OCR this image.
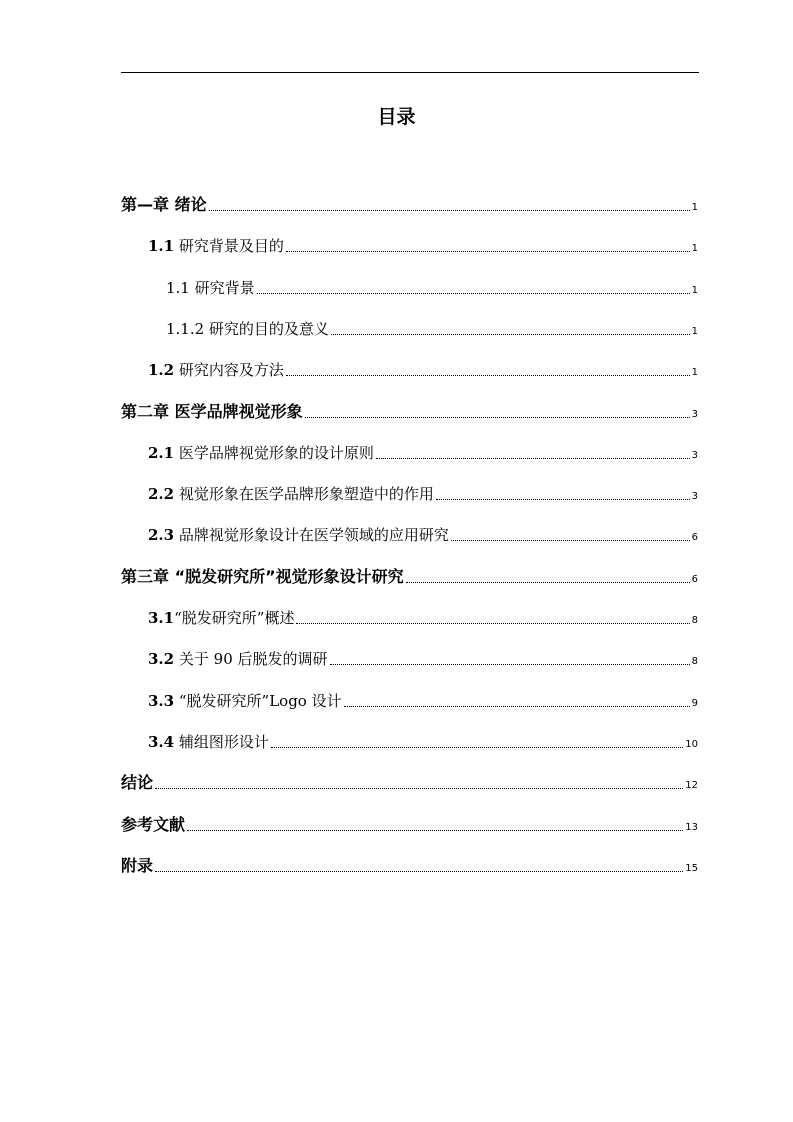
目录
第—章 绪论	1
1.1 研究背景及目的	1
1.1 研究背景	1
1.1.2 研究的目的及意义	1
1.2 研究内容及方法	1
第二章 医学品牌视觉形象	3
2.1 医学品牌视觉形象的设计原则	3
2.2 视觉形象在医学品牌形象塑造中的作用	3
2.3 品牌视觉形象设计在医学领域的应用研究	6
第三章 “脱发研究所”视觉形象设计研究	6
3.1“脱发研究所”概述	8
3.2 关于 90 后脱发的调研	8
3.3 “脱发研究所”Logo 设计	9
3.4 辅组图形设计	10
结论	12
参考文献	13
附录	15
